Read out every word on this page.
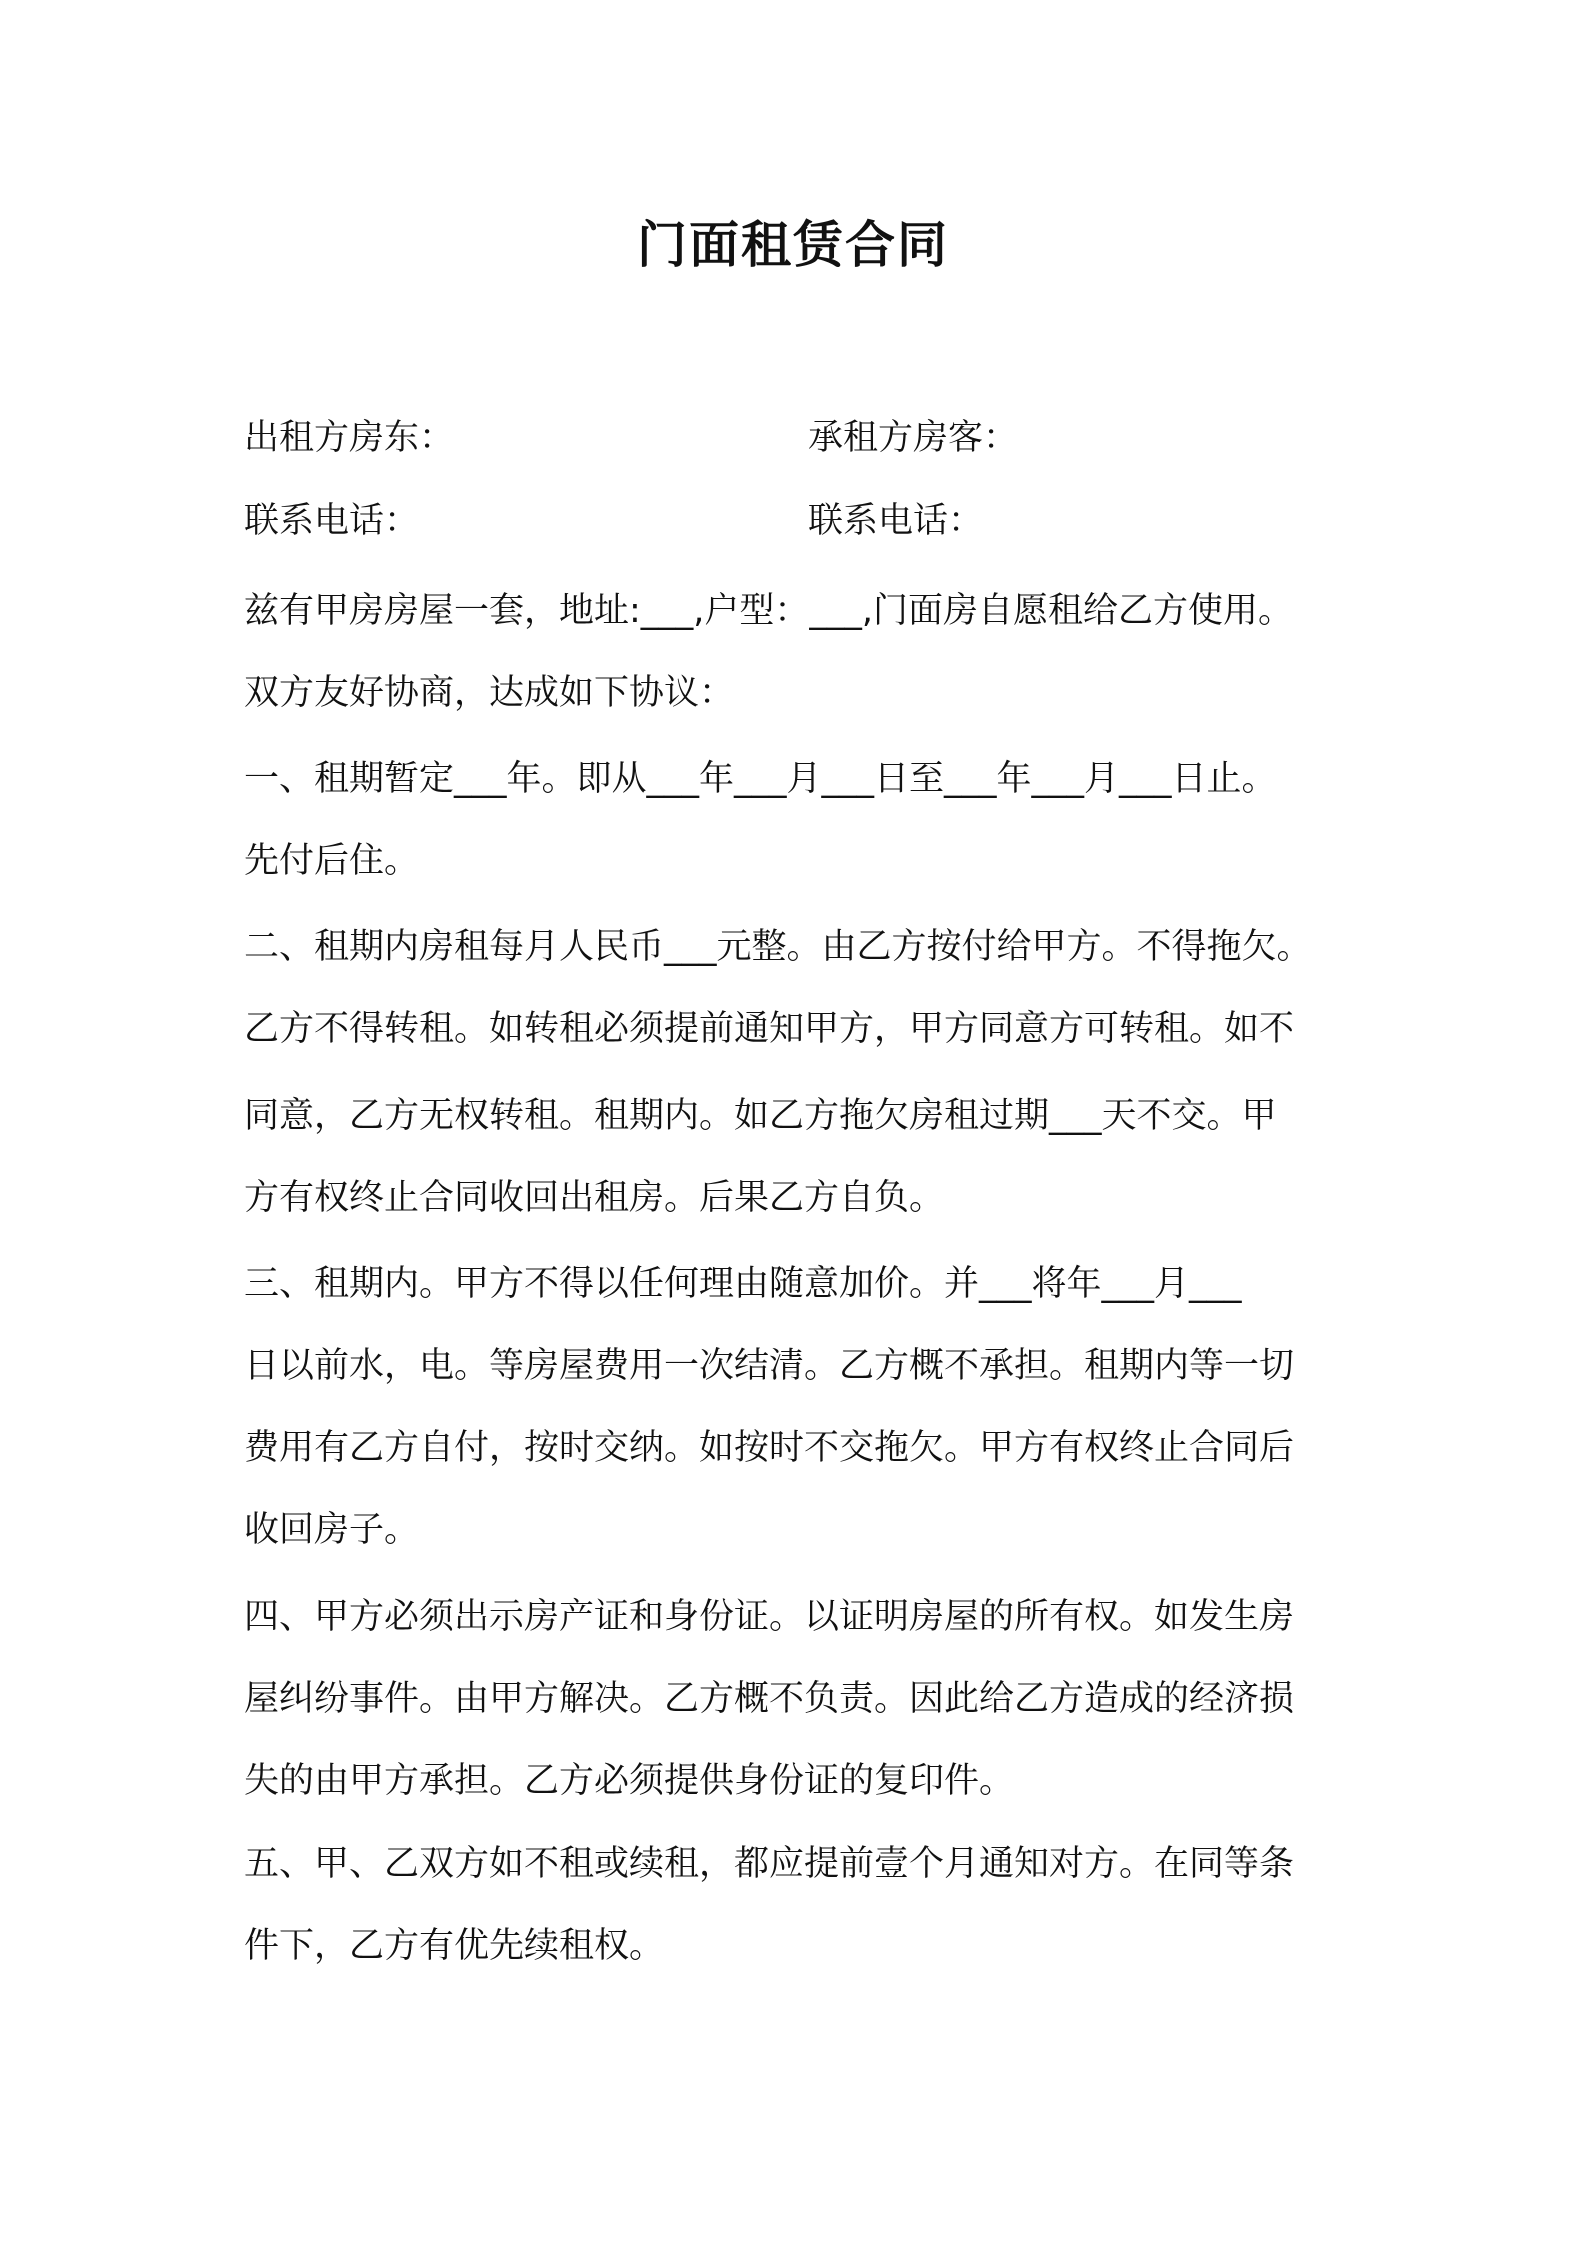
门面租赁合同
出租方房东：	承租方房客：
联系电话：	联系电话：
兹有甲房房屋一套，地址:___,户型：___,门面房自愿租给乙方使用。
双方友好协商，达成如下协议：
一、租期暂定___年。即从___年___月___日至___年___月___日止。
先付后住。
二、租期内房租每月人民币___元整。由乙方按付给甲方。不得拖欠。
乙方不得转租。如转租必须提前通知甲方，甲方同意方可转租。如不
同意，乙方无权转租。租期内。如乙方拖欠房租过期___天不交。甲
方有权终止合同收回出租房。后果乙方自负。
三、租期内。甲方不得以任何理由随意加价。并___将年___月___
日以前水，电。等房屋费用一次结清。乙方概不承担。租期内等一切
费用有乙方自付，按时交纳。如按时不交拖欠。甲方有权终止合同后
收回房子。
四、甲方必须出示房产证和身份证。以证明房屋的所有权。如发生房
屋纠纷事件。由甲方解决。乙方概不负责。因此给乙方造成的经济损
失的由甲方承担。乙方必须提供身份证的复印件。
五、甲、乙双方如不租或续租，都应提前壹个月通知对方。在同等条
件下，乙方有优先续租权。
